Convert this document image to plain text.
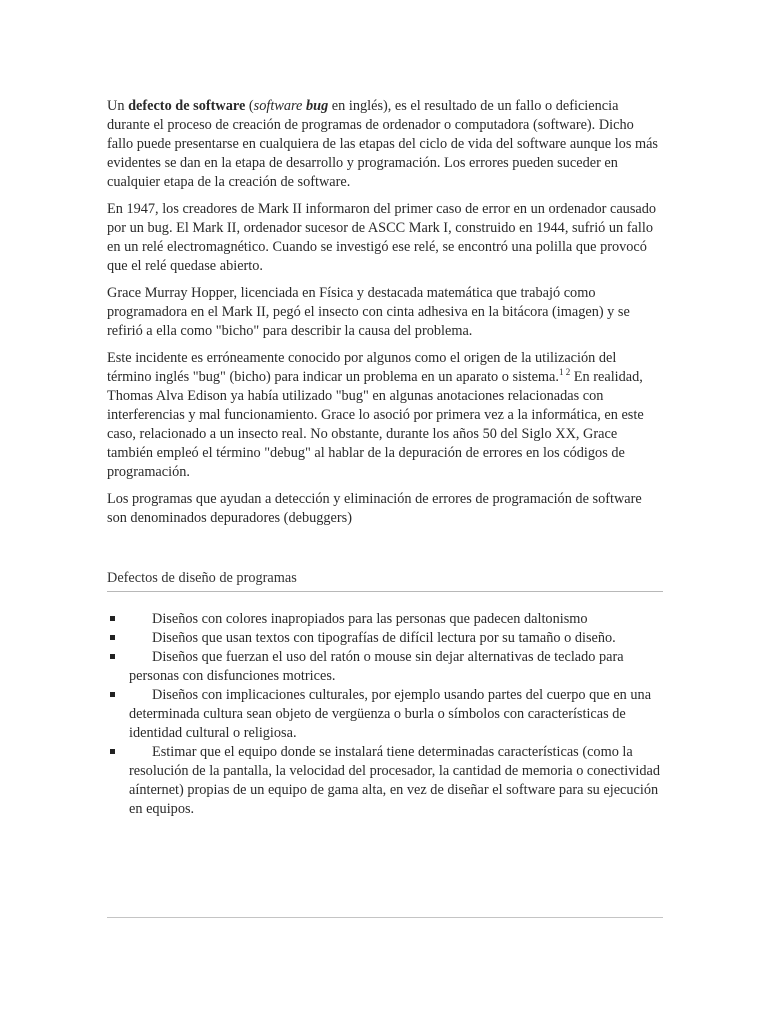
Un defecto de software (software bug en inglés), es el resultado de un fallo o deficiencia durante el proceso de creación de programas de ordenador o computadora (software). Dicho fallo puede presentarse en cualquiera de las etapas del ciclo de vida del software aunque los más evidentes se dan en la etapa de desarrollo y programación. Los errores pueden suceder en cualquier etapa de la creación de software.

En 1947, los creadores de Mark II informaron del primer caso de error en un ordenador causado por un bug. El Mark II, ordenador sucesor de ASCC Mark I, construido en 1944, sufrió un fallo en un relé electromagnético. Cuando se investigó ese relé, se encontró una polilla que provocó que el relé quedase abierto.

Grace Murray Hopper, licenciada en Física y destacada matemática que trabajó como programadora en el Mark II, pegó el insecto con cinta adhesiva en la bitácora (imagen) y se refirió a ella como "bicho" para describir la causa del problema.

Este incidente es erróneamente conocido por algunos como el origen de la utilización del término inglés "bug" (bicho) para indicar un problema en un aparato o sistema.$^{1 2}$ En realidad, Thomas Alva Edison ya había utilizado "bug" en algunas anotaciones relacionadas con interferencias y mal funcionamiento. Grace lo asoció por primera vez a la informática, en este caso, relacionado a un insecto real. No obstante, durante los años 50 del Siglo XX, Grace también empleó el término "debug" al hablar de la depuración de errores en los códigos de programación.

Los programas que ayudan a detección y eliminación de errores de programación de software son denominados depuradores (debuggers)

Defectos de diseño de programas
Diseños con colores inapropiados para las personas que padecen daltonismo
Diseños que usan textos con tipografías de difícil lectura por su tamaño o diseño.
Diseños que fuerzan el uso del ratón o mouse sin dejar alternativas de teclado para personas con disfunciones motrices.
Diseños con implicaciones culturales, por ejemplo usando partes del cuerpo que en una determinada cultura sean objeto de vergüenza o burla o símbolos con características de identidad cultural o religiosa.
Estimar que el equipo donde se instalará tiene determinadas características (como la resolución de la pantalla, la velocidad del procesador, la cantidad de memoria o conectividad aínternet) propias de un equipo de gama alta, en vez de diseñar el software para su ejecución en equipos.
